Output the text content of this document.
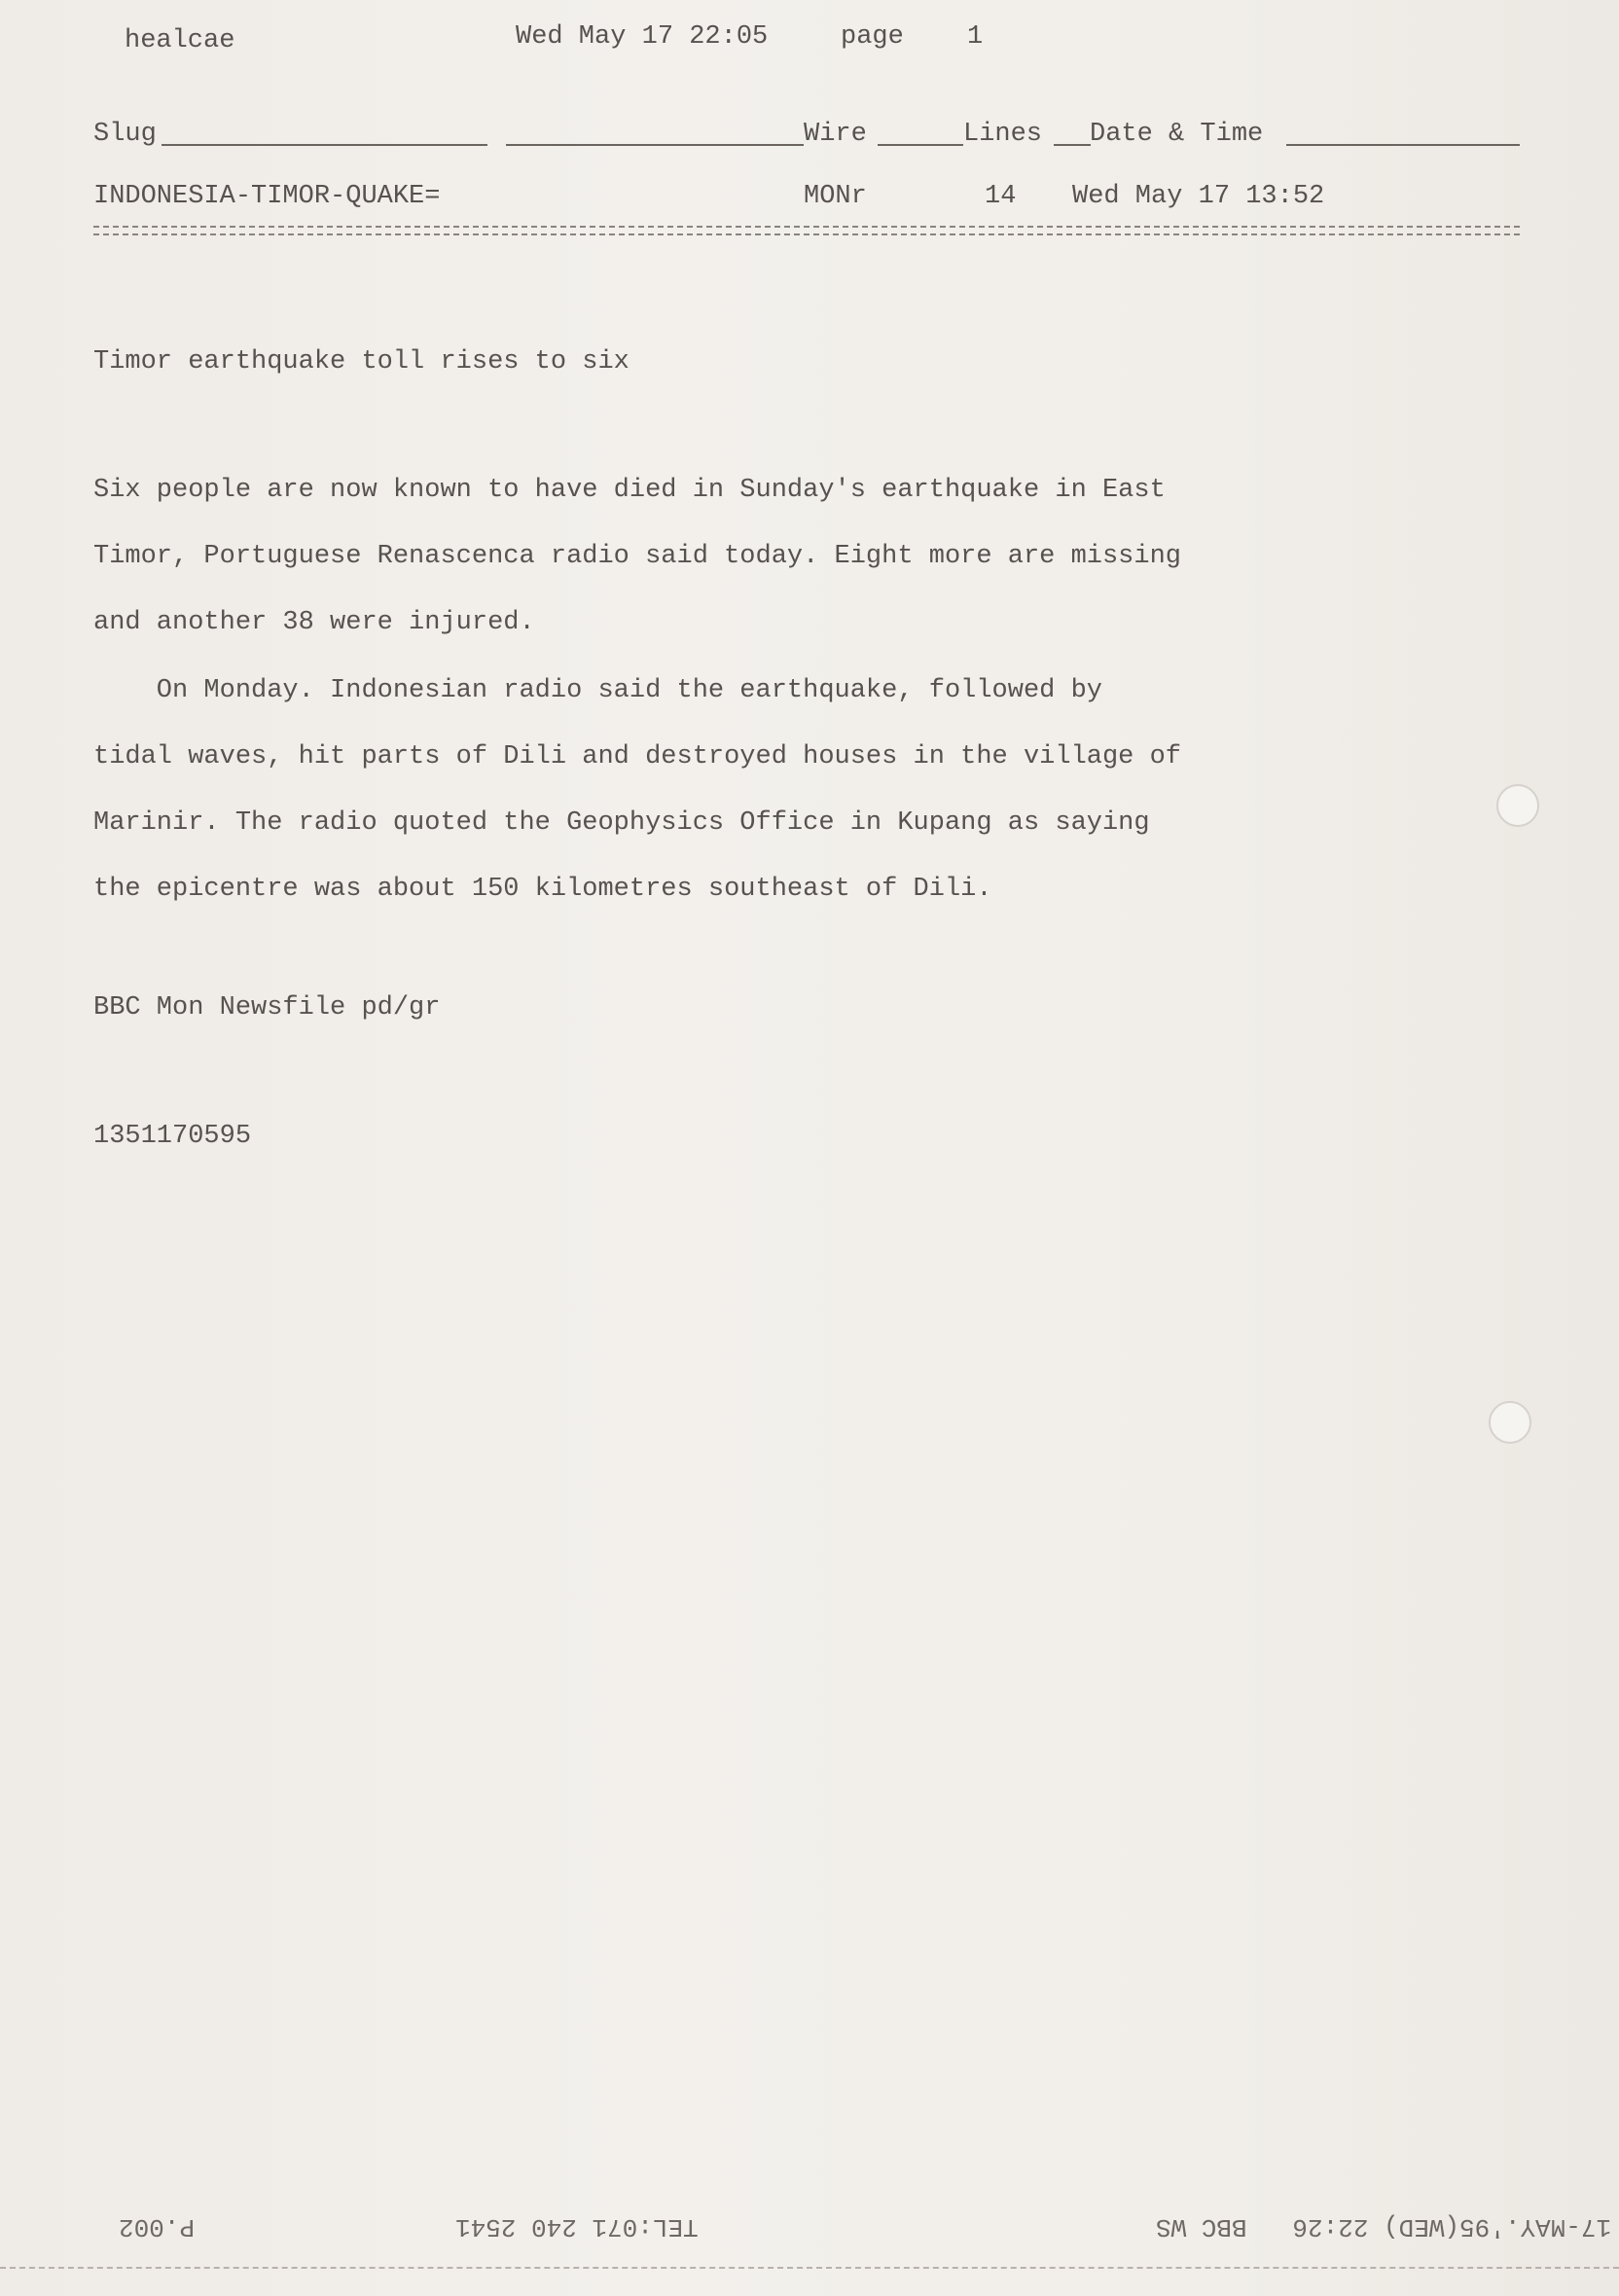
healcae	Wed May 17 22:05	page 1
Slug	Wire	Lines Date & Time
INDONESIA-TIMOR-QUAKE=	MONr	14 Wed May 17 13:52
Timor earthquake toll rises to six

Six people are now known to have died in Sunday's earthquake in East

Timor, Portuguese Renascenca radio said today. Eight more are missing

and another 38 were injured.

On Monday. Indonesian radio said the earthquake, followed by

tidal waves, hit parts of Dili and destroyed houses in the village of

Marinir. The radio quoted the Geophysics Office in Kupang as saying

the epicentre was about 150 kilometres southeast of Dili.

BBC Mon Newsfile pd/gr
1351170595
17-MAY.'95(WED) 22:26   BBC WS
TEL:071 240 2541
P.002
